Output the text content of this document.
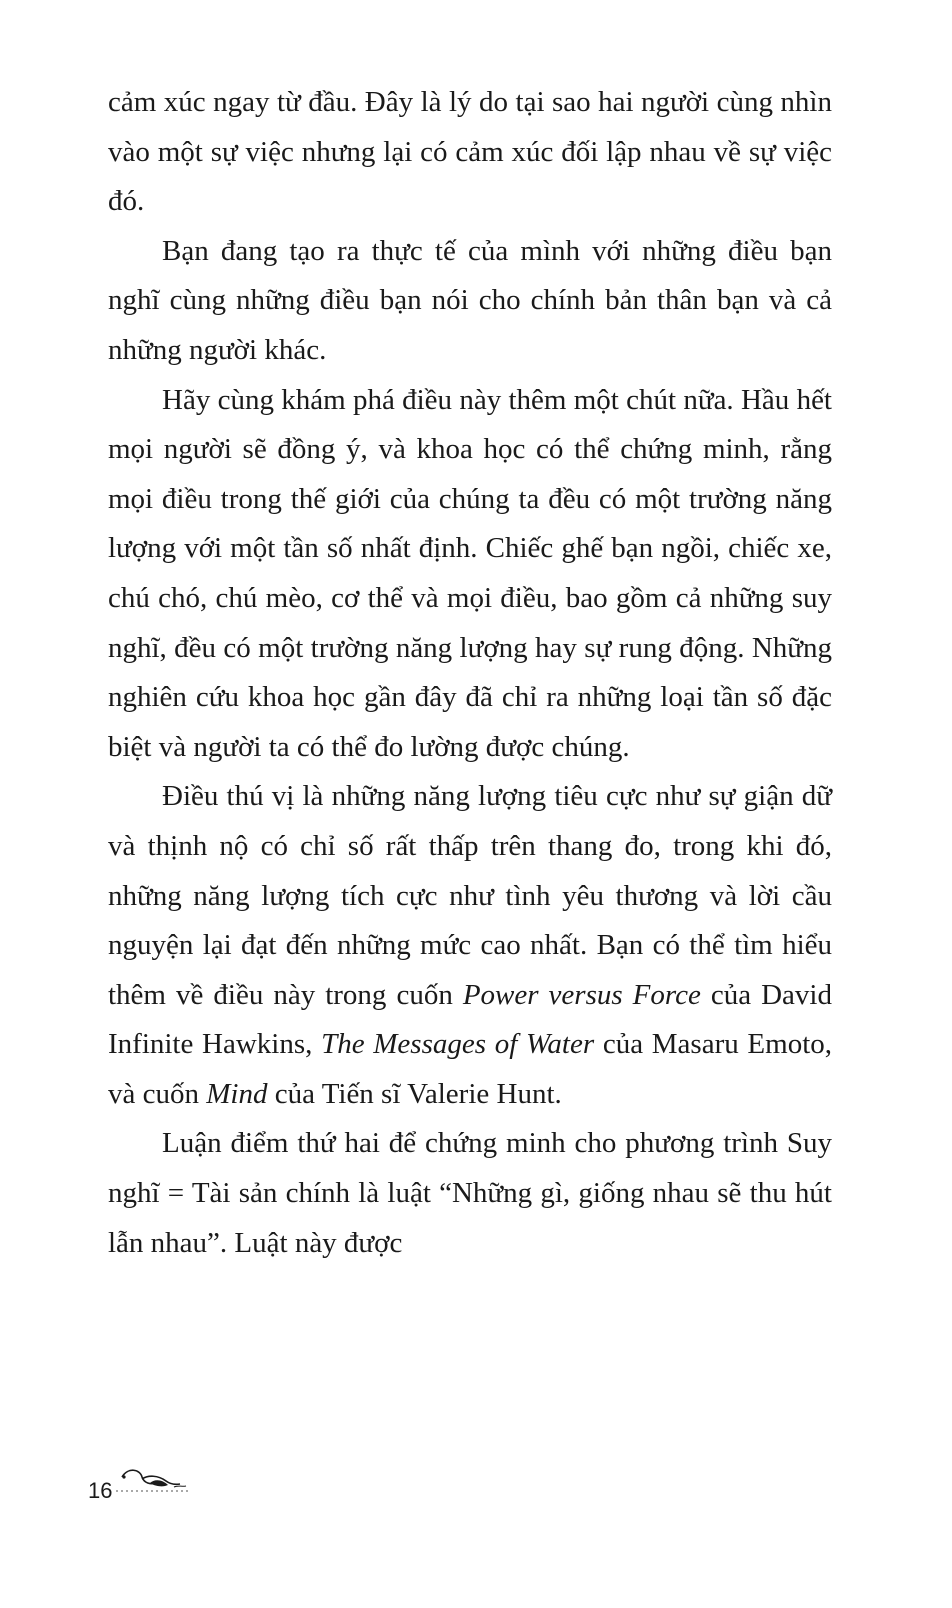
cảm xúc ngay từ đầu. Đây là lý do tại sao hai người cùng nhìn vào một sự việc nhưng lại có cảm xúc đối lập nhau về sự việc đó.

Bạn đang tạo ra thực tế của mình với những điều bạn nghĩ cùng những điều bạn nói cho chính bản thân bạn và cả những người khác.

Hãy cùng khám phá điều này thêm một chút nữa. Hầu hết mọi người sẽ đồng ý, và khoa học có thể chứng minh, rằng mọi điều trong thế giới của chúng ta đều có một trường năng lượng với một tần số nhất định. Chiếc ghế bạn ngồi, chiếc xe, chú chó, chú mèo, cơ thể và mọi điều, bao gồm cả những suy nghĩ, đều có một trường năng lượng hay sự rung động. Những nghiên cứu khoa học gần đây đã chỉ ra những loại tần số đặc biệt và người ta có thể đo lường được chúng.

Điều thú vị là những năng lượng tiêu cực như sự giận dữ và thịnh nộ có chỉ số rất thấp trên thang đo, trong khi đó, những năng lượng tích cực như tình yêu thương và lời cầu nguyện lại đạt đến những mức cao nhất. Bạn có thể tìm hiểu thêm về điều này trong cuốn Power versus Force của David Infinite Hawkins, The Messages of Water của Masaru Emoto, và cuốn Mind của Tiến sĩ Valerie Hunt.

Luận điểm thứ hai để chứng minh cho phương trình Suy nghĩ = Tài sản chính là luật “Những gì, giống nhau sẽ thu hút lẫn nhau”. Luật này được

16
